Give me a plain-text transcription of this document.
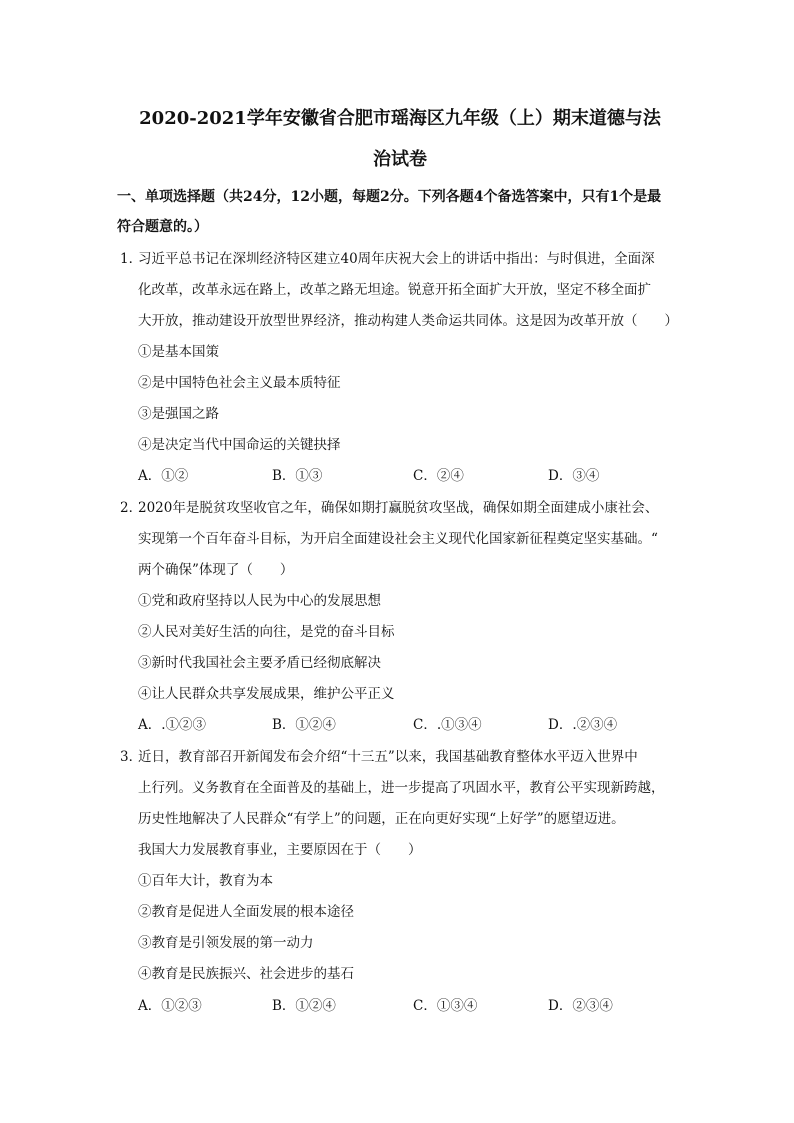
2020-2021学年安徽省合肥市瑶海区九年级（上）期末道德与法
治试卷
一、单项选择题（共24分，12小题，每题2分。下列各题4个备选答案中，只有1个是最
符合题意的。）
1．
习近平总书记在深圳经济特区建立40周年庆祝大会上的讲话中指出：与时俱进，全面深
化改革，改革永远在路上，改革之路无坦途。锐意开拓全面扩大开放，坚定不移全面扩
大开放，推动建设开放型世界经济，推动构建人类命运共同体。这是因为改革开放（　　）
①是基本国策
②是中国特色社会主义最本质特征
③是强国之路
④是决定当代中国命运的关键抉择
A．①②	B．①③	C．②④	D．③④
2．
2020年是脱贫攻坚收官之年，确保如期打赢脱贫攻坚战，确保如期全面建成小康社会、
实现第一个百年奋斗目标，为开启全面建设社会主义现代化国家新征程奠定坚实基础。“
两个确保”体现了（　　）
①党和政府坚持以人民为中心的发展思想
②人民对美好生活的向往，是党的奋斗目标
③新时代我国社会主要矛盾已经彻底解决
④让人民群众共享发展成果，维护公平正义
A．.①②③	B．①②④	C．.①③④	D．.②③④
3．
近日，教育部召开新闻发布会介绍“十三五”以来，我国基础教育整体水平迈入世界中
上行列。义务教育在全面普及的基础上，进一步提高了巩固水平，教育公平实现新跨越，
历史性地解决了人民群众“有学上”的问题，正在向更好实现“上好学”的愿望迈进。
我国大力发展教育事业，主要原因在于（　　）
①百年大计，教育为本
②教育是促进人全面发展的根本途径
③教育是引领发展的第一动力
④教育是民族振兴、社会进步的基石
A．①②③	B．①②④	C．①③④	D．②③④
